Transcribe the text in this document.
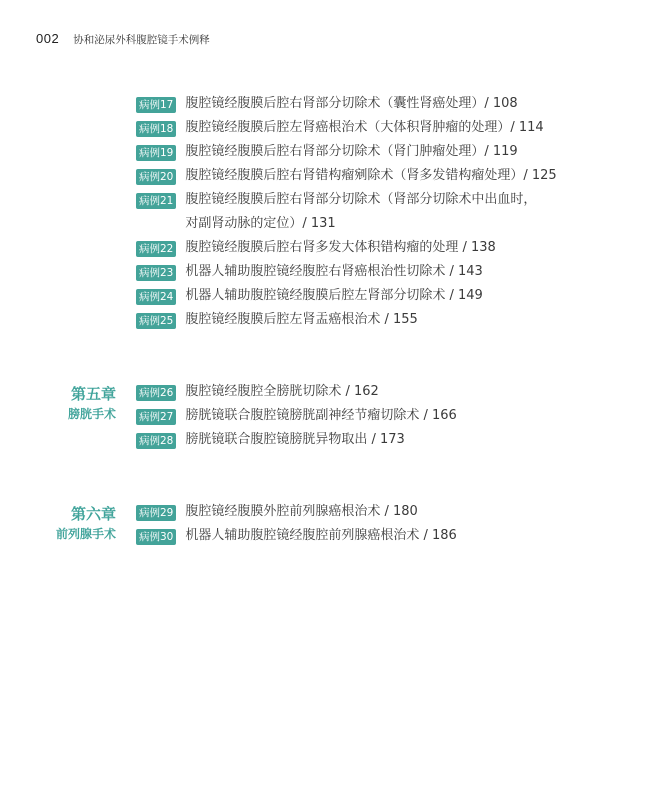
002 协和泌尿外科腹腔镜手术例释
病例17 腹腔镜经腹膜后腔右肾部分切除术（囊性肾癌处理）/ 108
病例18 腹腔镜经腹膜后腔左肾癌根治术（大体积肾肿瘤的处理）/ 114
病例19 腹腔镜经腹膜后腔右肾部分切除术（肾门肿瘤处理）/ 119
病例20 腹腔镜经腹膜后腔右肾错构瘤剜除术（肾多发错构瘤处理）/ 125
病例21 腹腔镜经腹膜后腔右肾部分切除术（肾部分切除术中出血时，
对副肾动脉的定位）/ 131
病例22 腹腔镜经腹膜后腔右肾多发大体积错构瘤的处理 / 138
病例23 机器人辅助腹腔镜经腹腔右肾癌根治性切除术 / 143
病例24 机器人辅助腹腔镜经腹膜后腔左肾部分切除术 / 149
病例25 腹腔镜经腹膜后腔左肾盂癌根治术 / 155
第五章
膀胱手术
病例26 腹腔镜经腹腔全膀胱切除术 / 162
病例27 膀胱镜联合腹腔镜膀胱副神经节瘤切除术 / 166
病例28 膀胱镜联合腹腔镜膀胱异物取出 / 173
第六章
前列腺手术
病例29 腹腔镜经腹膜外腔前列腺癌根治术 / 180
病例30 机器人辅助腹腔镜经腹腔前列腺癌根治术 / 186
